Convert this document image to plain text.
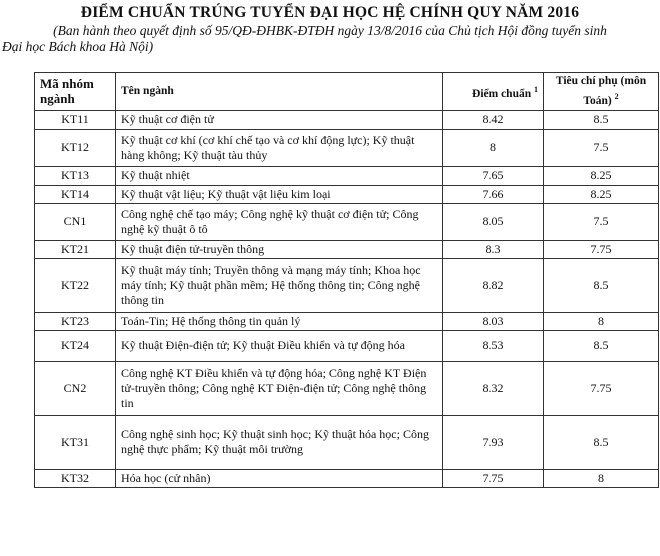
ĐIỂM CHUẨN TRÚNG TUYỂN ĐẠI HỌC HỆ CHÍNH QUY NĂM 2016

(Ban hành theo quyết định số 95/QĐ-ĐHBK-ĐTĐH ngày 13/8/2016 của Chủ tịch Hội đồng tuyển sinh
Đại học Bách khoa Hà Nội)

Mã nhóm ngành	Tên ngành	Điểm chuẩn $^1$	Tiêu chí phụ (môn Toán) $^2$
KT11	Kỹ thuật cơ điện tử	8.42	8.5
KT12	Kỹ thuật cơ khí (cơ khí chế tạo và cơ khí động lực); Kỹ thuật hàng không; Kỹ thuật tàu thủy	8	7.5
KT13	Kỹ thuật nhiệt	7.65	8.25
KT14	Kỹ thuật vật liệu; Kỹ thuật vật liệu kim loại	7.66	8.25
CN1	Công nghệ chế tạo máy; Công nghệ kỹ thuật cơ điện tử; Công nghệ kỹ thuật ô tô	8.05	7.5
KT21	Kỹ thuật điện tử-truyền thông	8.3	7.75
KT22	Kỹ thuật máy tính; Truyền thông và mạng máy tính; Khoa học máy tính; Kỹ thuật phần mềm; Hệ thống thông tin; Công nghệ thông tin	8.82	8.5
KT23	Toán-Tin; Hệ thống thông tin quản lý	8.03	8
KT24	Kỹ thuật Điện-điện tử; Kỹ thuật Điều khiển và tự động hóa	8.53	8.5
CN2	Công nghệ KT Điều khiển và tự động hóa; Công nghệ KT Điện tử-truyền thông; Công nghệ KT Điện-điện tử; Công nghệ thông tin	8.32	7.75
KT31	Công nghệ sinh học; Kỹ thuật sinh học; Kỹ thuật hóa học; Công nghệ thực phẩm; Kỹ thuật môi trường	7.93	8.5
KT32	Hóa học (cử nhân)	7.75	8
